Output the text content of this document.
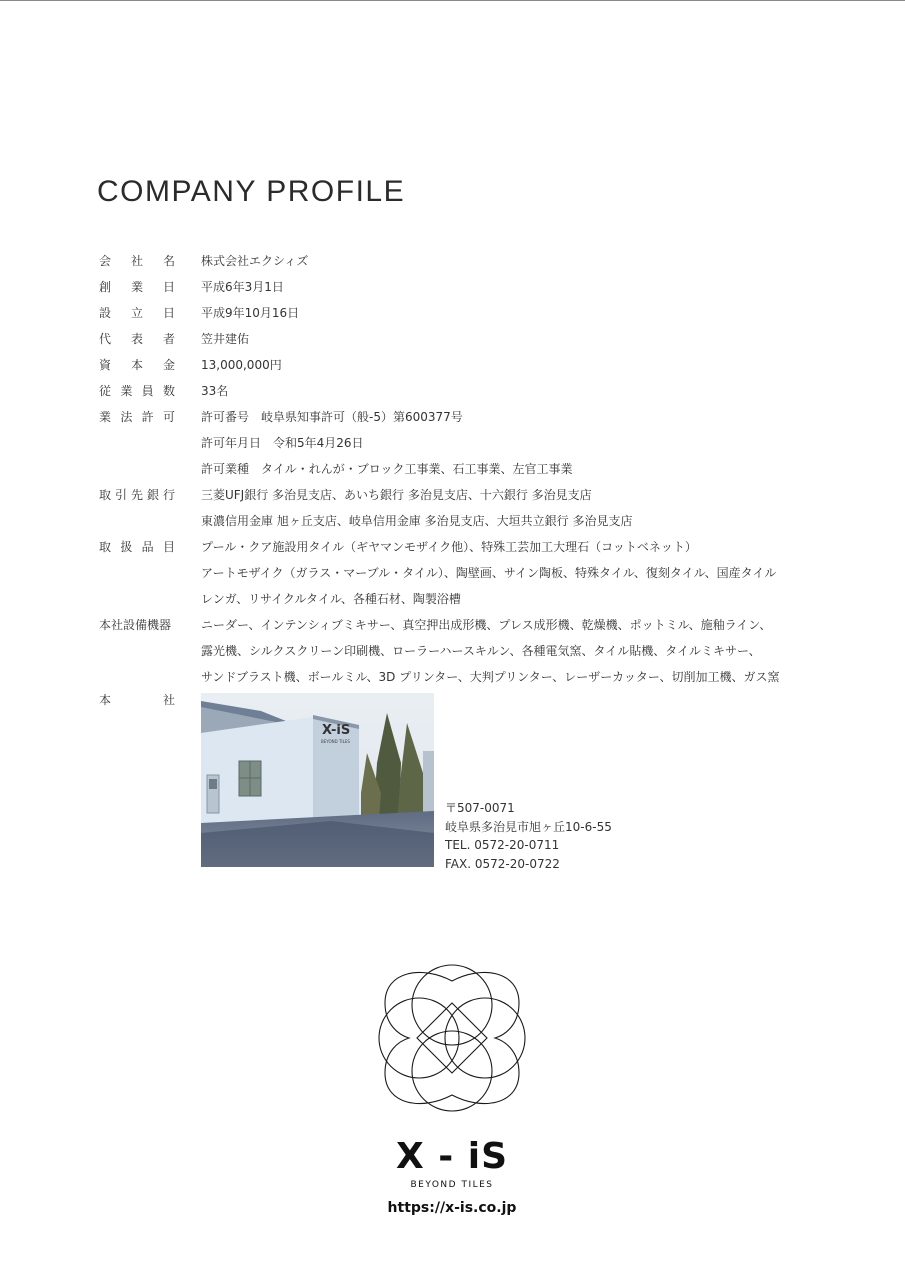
COMPANY PROFILE
会 社 名 株式会社エクシィズ
創 業 日 平成6年3月1日
設 立 日 平成9年10月16日
代 表 者 笠井建佑
資 本 金 13,000,000円
従 業 員 数 33名
業 法 許 可 許可番号　岐阜県知事許可（般-5）第600377号
許可年月日　令和5年4月26日
許可業種　タイル・れんが・ブロック工事業、石工事業、左官工事業
取 引 先 銀 行 三菱UFJ銀行 多治見支店、あいち銀行 多治見支店、十六銀行 多治見支店
東濃信用金庫 旭ヶ丘支店、岐阜信用金庫 多治見支店、大垣共立銀行 多治見支店
取 扱 品 目 プール・クア施設用タイル（ギヤマンモザイク他）、特殊工芸加工大理石（コットベネット）
アートモザイク（ガラス・マーブル・タイル）、陶壁画、サイン陶板、特殊タイル、復刻タイル、国産タイル
レンガ、リサイクルタイル、各種石材、陶製浴槽
本社設備機器 ニーダー、インテンシィブミキサー、真空押出成形機、プレス成形機、乾燥機、ポットミル、施釉ライン、
露光機、シルクスクリーン印刷機、ローラーハースキルン、各種電気窯、タイル貼機、タイルミキサー、
サンドブラスト機、ボールミル、3D プリンター、大判プリンター、レーザーカッター、切削加工機、ガス窯
本	社
X-iS
BEYOND TILES
〒507-0071
岐阜県多治見市旭ヶ丘10-6-55
TEL. 0572-20-0711
FAX. 0572-20-0722
X - iS
BEYOND TILES
https://x-is.co.jp
